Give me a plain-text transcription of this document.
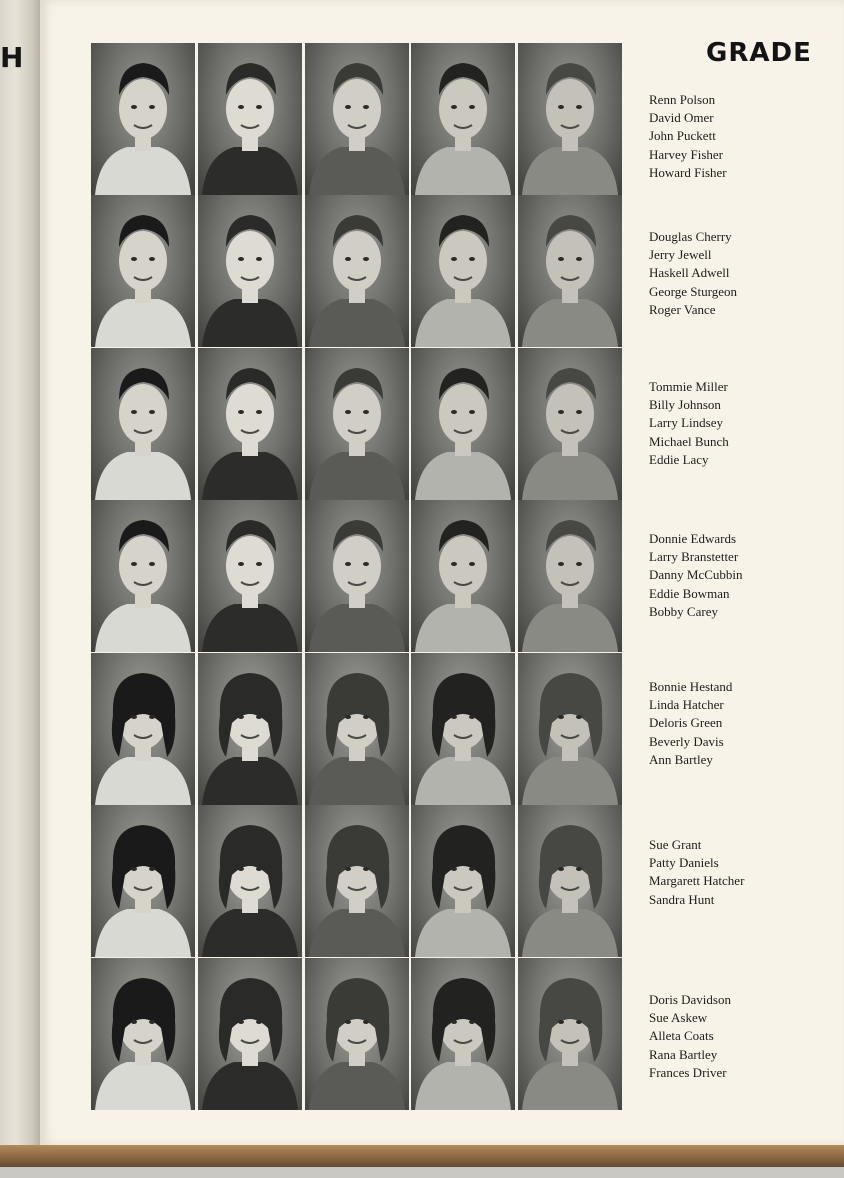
H	GRADE
Renn Polson
David Omer
John Puckett
Harvey Fisher
Howard Fisher
Douglas Cherry
Jerry Jewell
Haskell Adwell
George Sturgeon
Roger Vance
Tommie Miller
Billy Johnson
Larry Lindsey
Michael Bunch
Eddie Lacy
Donnie Edwards
Larry Branstetter
Danny McCubbin
Eddie Bowman
Bobby Carey
Bonnie Hestand
Linda Hatcher
Deloris Green
Beverly Davis
Ann Bartley
Sue Grant
Patty Daniels
Margarett Hatcher
Sandra Hunt
Doris Davidson
Sue Askew
Alleta Coats
Rana Bartley
Frances Driver
